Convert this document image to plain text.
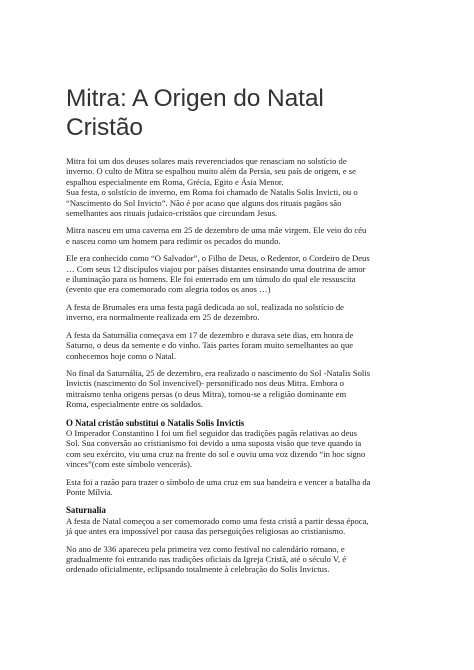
Mitra: A Origen do Natal
Cristão

Mitra foi um dos deuses solares mais reverenciados que renasciam no solstício de
inverno. O culto de Mitra se espalhou muito além da Persia, seu país de origem, e se
espalhou especialmente em Roma, Grécia, Egito e Ásia Menor.
Sua festa, o solstício de inverno, em Roma foi chamado de Natalis Solis Invicti, ou o
“Nascimento do Sol Invicto”. Não é por acaso que alguns dos rituais pagãos são
semelhantes aos rituais judaico-cristãos que circundam Jesus.

Mitra nasceu em uma caverna em 25 de dezembro de uma mãe virgem. Ele veio do céu
e nasceu como um homem para redimir os pecados do mundo.

Ele era conhecido como “O Salvador”, o Filho de Deus, o Redentor, o Cordeiro de Deus
… Com seus 12 discípulos viajou por países distantes ensinando uma doutrina de amor
e iluminação para os homens. Ele foi enterrado em um túmulo do qual ele ressuscita
(evento que era comemorado com alegria todos os anos …)

A festa de Brumales era uma festa pagã dedicada ao sol, realizada no solstício de
inverno, era normalmente realizada em 25 de dezembro.

A festa da Saturnália começava em 17 de dezembro e durava sete dias, em honra de
Saturno, o deus da semente e do vinho. Tais partes foram muito semelhantes ao que
conhecemos hoje como o Natal.

No final da Saturnália, 25 de dezembro, era realizado o nascimento do Sol -Natalis Solis
Invictis (nascimento do Sol invencível)- personificado nos deus Mitra. Embora o
mitraísmo tenha origens persas (o deus Mitra), tornou-se a religião dominante em
Roma, especialmente entre os soldados.

O Natal cristão substitui o Natalis Solis Invictis

O Imperador Constantino I foi um fiel seguidor das tradições pagãs relativas ao deus
Sol. Sua conversão ao cristianismo foi devido a uma suposta visão que teve quando ia
com seu exército, viu uma cruz na frente do sol e ouviu uma voz dizendo “in hoc signo
vinces”(com este símbolo vencerás).

Esta foi a razão para trazer o símbolo de uma cruz em sua bandeira e vencer a batalha da
Ponte Mílvia.

Saturnalia

A festa de Natal começou a ser comemorado como uma festa cristã a partir dessa época,
já que antes era impossível por causa das perseguições religiosas ao cristianismo.

No ano de 336 apareceu pela primeira vez como festival no calendário romano, e
gradualmente foi entrando nas tradições oficiais da Igreja Cristã, até o século V, é
ordenado oficialmente, eclipsando totalmente à celebração do Solis Invictus.
